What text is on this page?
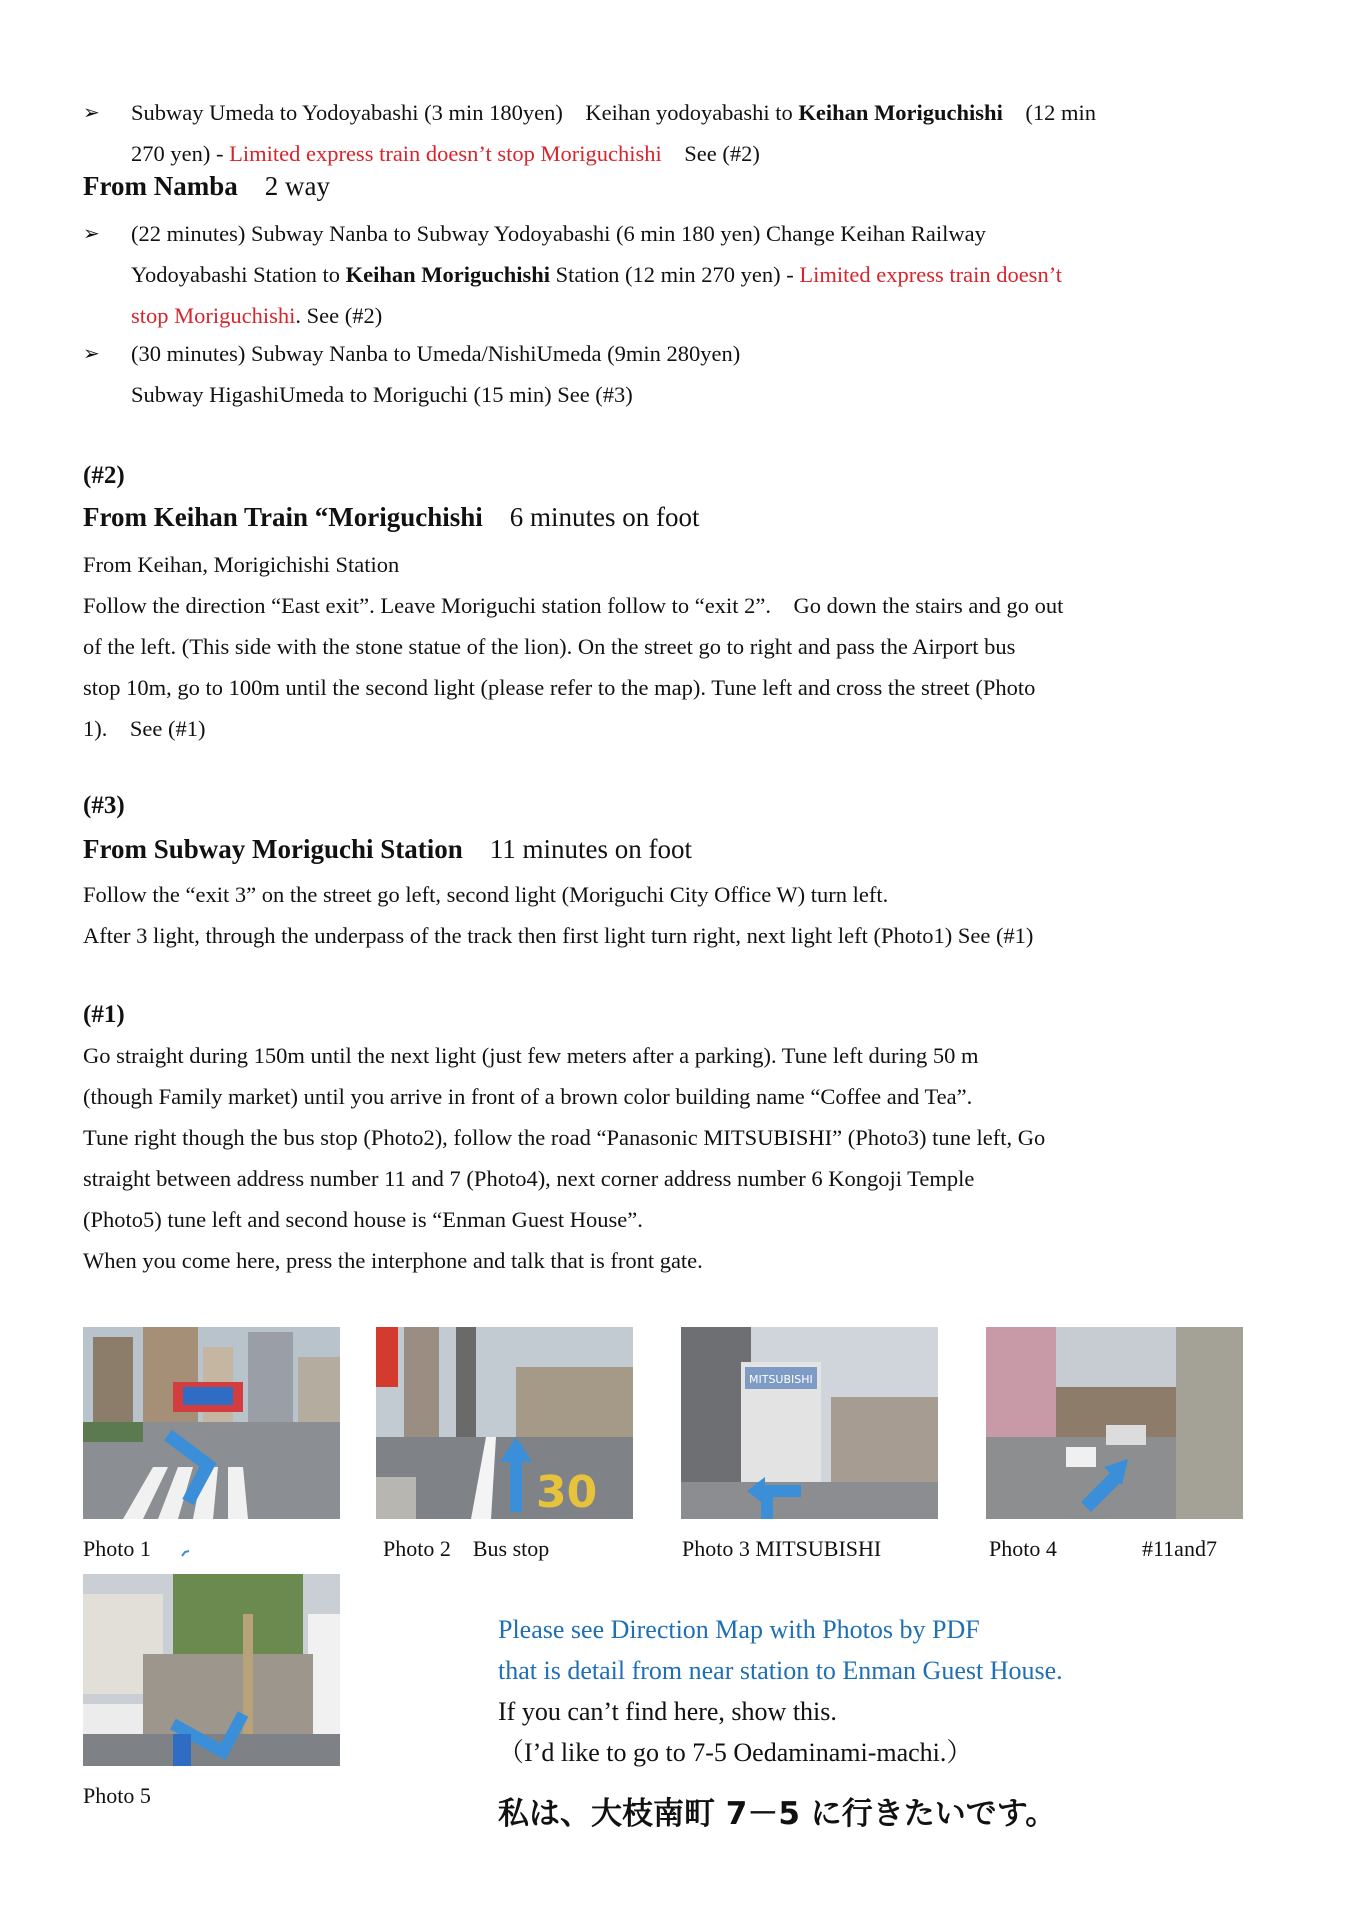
➢	Subway Umeda to Yodoyabashi (3 min 180yen)　Keihan yodoyabashi to Keihan Moriguchishi　(12 min
270 yen) - Limited express train doesn’t stop Moriguchishi　See (#2)
From Namba　2 way
➢	(22 minutes) Subway Nanba to Subway Yodoyabashi (6 min 180 yen) Change Keihan Railway
Yodoyabashi Station to Keihan Moriguchishi Station (12 min 270 yen) - Limited express train doesn’t
stop Moriguchishi. See (#2)
➢	(30 minutes) Subway Nanba to Umeda/NishiUmeda (9min 280yen)
Subway HigashiUmeda to Moriguchi (15 min) See (#3)
(#2)
From Keihan Train “Moriguchishi　6 minutes on foot
From Keihan, Morigichishi Station
Follow the direction “East exit”. Leave Moriguchi station follow to “exit 2”.　Go down the stairs and go out
of the left. (This side with the stone statue of the lion). On the street go to right and pass the Airport bus
stop 10m, go to 100m until the second light (please refer to the map). Tune left and cross the street (Photo
1).　See (#1)
(#3)
From Subway Moriguchi Station　11 minutes on foot
Follow the “exit 3” on the street go left, second light (Moriguchi City Office W) turn left.
After 3 light, through the underpass of the track then first light turn right, next light left (Photo1) See (#1)
(#1)
Go straight during 150m until the next light (just few meters after a parking). Tune left during 50 m
(though Family market) until you arrive in front of a brown color building name “Coffee and Tea”.
Tune right though the bus stop (Photo2), follow the road “Panasonic MITSUBISHI” (Photo3) tune left, Go
straight between address number 11 and 7 (Photo4), next corner address number 6 Kongoji Temple
(Photo5) tune left and second house is “Enman Guest House”.
When you come here, press the interphone and talk that is front gate.
30
MITSUBISHI
Photo 1	Photo 2　Bus stop	Photo 3 MITSUBISHI	Photo 4	#11and7
Photo 5
Please see Direction Map with Photos by PDF
that is detail from near station to Enman Guest House.
If you can’t find here, show this.
（I’d like to go to 7-5 Oedaminami-machi.）
私は、大枝南町 7－5 に行きたいです。
